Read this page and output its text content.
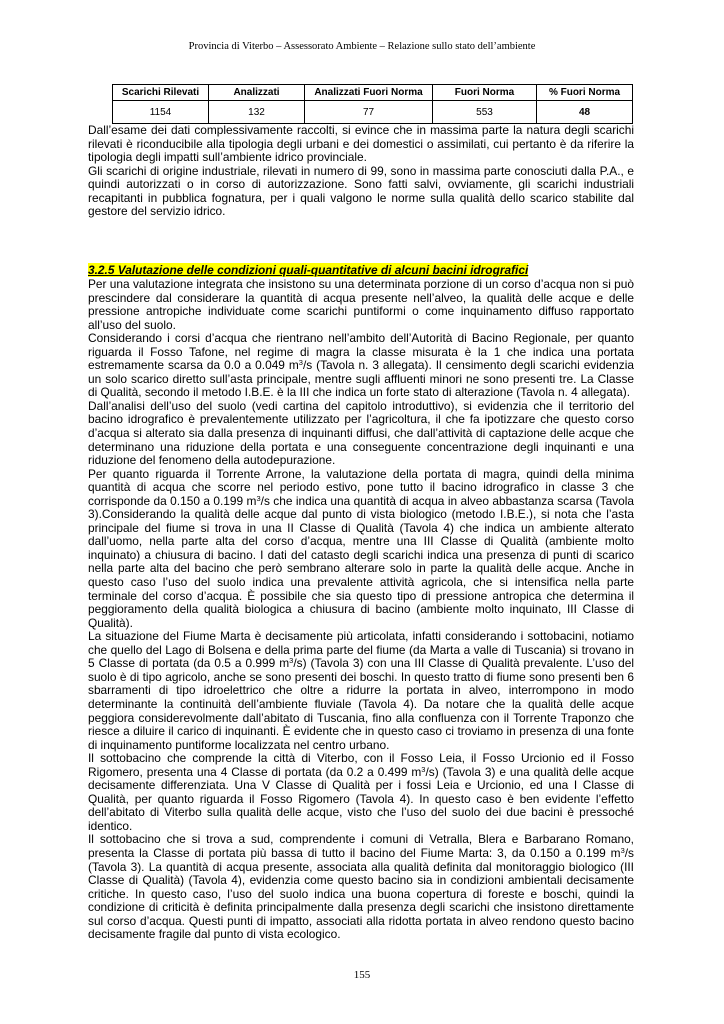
Provincia di Viterbo – Assessorato Ambiente – Relazione sullo stato dell’ambiente
Scarichi Rilevati	Analizzati	Analizzati Fuori Norma	Fuori Norma	% Fuori Norma
1154	132	77	553	48

Dall’esame dei dati complessivamente raccolti, si evince che in massima parte la natura degli scarichi rilevati è riconducibile alla tipologia degli urbani e dei domestici o assimilati, cui pertanto è da riferire la tipologia degli impatti sull’ambiente idrico provinciale.

Gli scarichi di origine industriale, rilevati in numero di 99, sono in massima parte conosciuti dalla P.A., e quindi autorizzati o in corso di autorizzazione. Sono fatti salvi, ovviamente, gli scarichi industriali recapitanti in pubblica fognatura, per i quali valgono le norme sulla qualità dello scarico stabilite dal gestore del servizio idrico.

3.2.5 Valutazione delle condizioni quali-quantitative di alcuni bacini idrografici

Per una valutazione integrata che insistono su una determinata porzione di un corso d’acqua non si può prescindere dal considerare la quantità di acqua presente nell’alveo, la qualità delle acque e delle pressione antropiche individuate come scarichi puntiformi o come inquinamento diffuso rapportato all’uso del suolo.

Considerando i corsi d’acqua che rientrano nell’ambito dell’Autorità di Bacino Regionale, per quanto riguarda il Fosso Tafone, nel regime di magra la classe misurata è la 1 che indica una portata estremamente scarsa da 0.0 a 0.049 $m^3/s$ (Tavola n. 3 allegata). Il censimento degli scarichi evidenzia un solo scarico diretto sull’asta principale, mentre sugli affluenti minori ne sono presenti tre. La Classe di Qualità, secondo il metodo I.B.E. è la III che indica un forte stato di alterazione (Tavola n. 4 allegata).

Dall’analisi dell’uso del suolo (vedi cartina del capitolo introduttivo), si evidenzia che il territorio del bacino idrografico è prevalentemente utilizzato per l’agricoltura, il che fa ipotizzare che questo corso d’acqua si alterato sia dalla presenza di inquinanti diffusi, che dall’attività di captazione delle acque che determinano una riduzione della portata e una conseguente concentrazione degli inquinanti e una riduzione del fenomeno della autodepurazione.

Per quanto riguarda il Torrente Arrone, la valutazione della portata di magra, quindi della minima quantità di acqua che scorre nel periodo estivo, pone tutto il bacino idrografico in classe 3 che corrisponde da 0.150 a 0.199 $m^3/s$ che indica una quantità di acqua in alveo abbastanza scarsa (Tavola 3).Considerando la qualità delle acque dal punto di vista biologico (metodo I.B.E.), si nota che l’asta principale del fiume si trova in una II Classe di Qualità (Tavola 4) che indica un ambiente alterato dall’uomo, nella parte alta del corso d’acqua, mentre una III Classe di Qualità (ambiente molto inquinato) a chiusura di bacino. I dati del catasto degli scarichi indica una presenza di punti di scarico nella parte alta del bacino che però sembrano alterare solo in parte la qualità delle acque. Anche in questo caso l’uso del suolo indica una prevalente attività agricola, che si intensifica nella parte terminale del corso d’acqua. È possibile che sia questo tipo di pressione antropica che determina il peggioramento della qualità biologica a chiusura di bacino (ambiente molto inquinato, III Classe di Qualità).

La situazione del Fiume Marta è decisamente più articolata, infatti considerando i sottobacini, notiamo che quello del Lago di Bolsena e della prima parte del fiume (da Marta a valle di Tuscania) si trovano in 5 Classe di portata (da 0.5 a 0.999 $m^3/s$) (Tavola 3) con una III Classe di Qualità prevalente. L’uso del suolo è di tipo agricolo, anche se sono presenti dei boschi. In questo tratto di fiume sono presenti ben 6 sbarramenti di tipo idroelettrico che oltre a ridurre la portata in alveo, interrompono in modo determinante la continuità dell’ambiente fluviale (Tavola 4). Da notare che la qualità delle acque peggiora considerevolmente dall’abitato di Tuscania, fino alla confluenza con il Torrente Traponzo che riesce a diluire il carico di inquinanti. È evidente che in questo caso ci troviamo in presenza di una fonte di inquinamento puntiforme localizzata nel centro urbano.

Il sottobacino che comprende la città di Viterbo, con il Fosso Leia, il Fosso Urcionio ed il Fosso Rigomero, presenta una 4 Classe di portata (da 0.2 a 0.499 $m^3/s$) (Tavola 3) e una qualità delle acque decisamente differenziata. Una V Classe di Qualità per i fossi Leia e Urcionio, ed una I Classe di Qualità, per quanto riguarda il Fosso Rigomero (Tavola 4). In questo caso è ben evidente l’effetto dell’abitato di Viterbo sulla qualità delle acque, visto che l’uso del suolo dei due bacini è pressoché identico.

Il sottobacino che si trova a sud, comprendente i comuni di Vetralla, Blera e Barbarano Romano, presenta la Classe di portata più bassa di tutto il bacino del Fiume Marta: 3, da 0.150 a 0.199 $m^3/s$ (Tavola 3). La quantità di acqua presente, associata alla qualità definita dal monitoraggio biologico (III Classe di Qualità) (Tavola 4), evidenzia come questo bacino sia in condizioni ambientali decisamente critiche. In questo caso, l’uso del suolo indica una buona copertura di foreste e boschi, quindi la condizione di criticità è definita principalmente dalla presenza degli scarichi che insistono direttamente sul corso d’acqua. Questi punti di impatto, associati alla ridotta portata in alveo rendono questo bacino decisamente fragile dal punto di vista ecologico.

155
